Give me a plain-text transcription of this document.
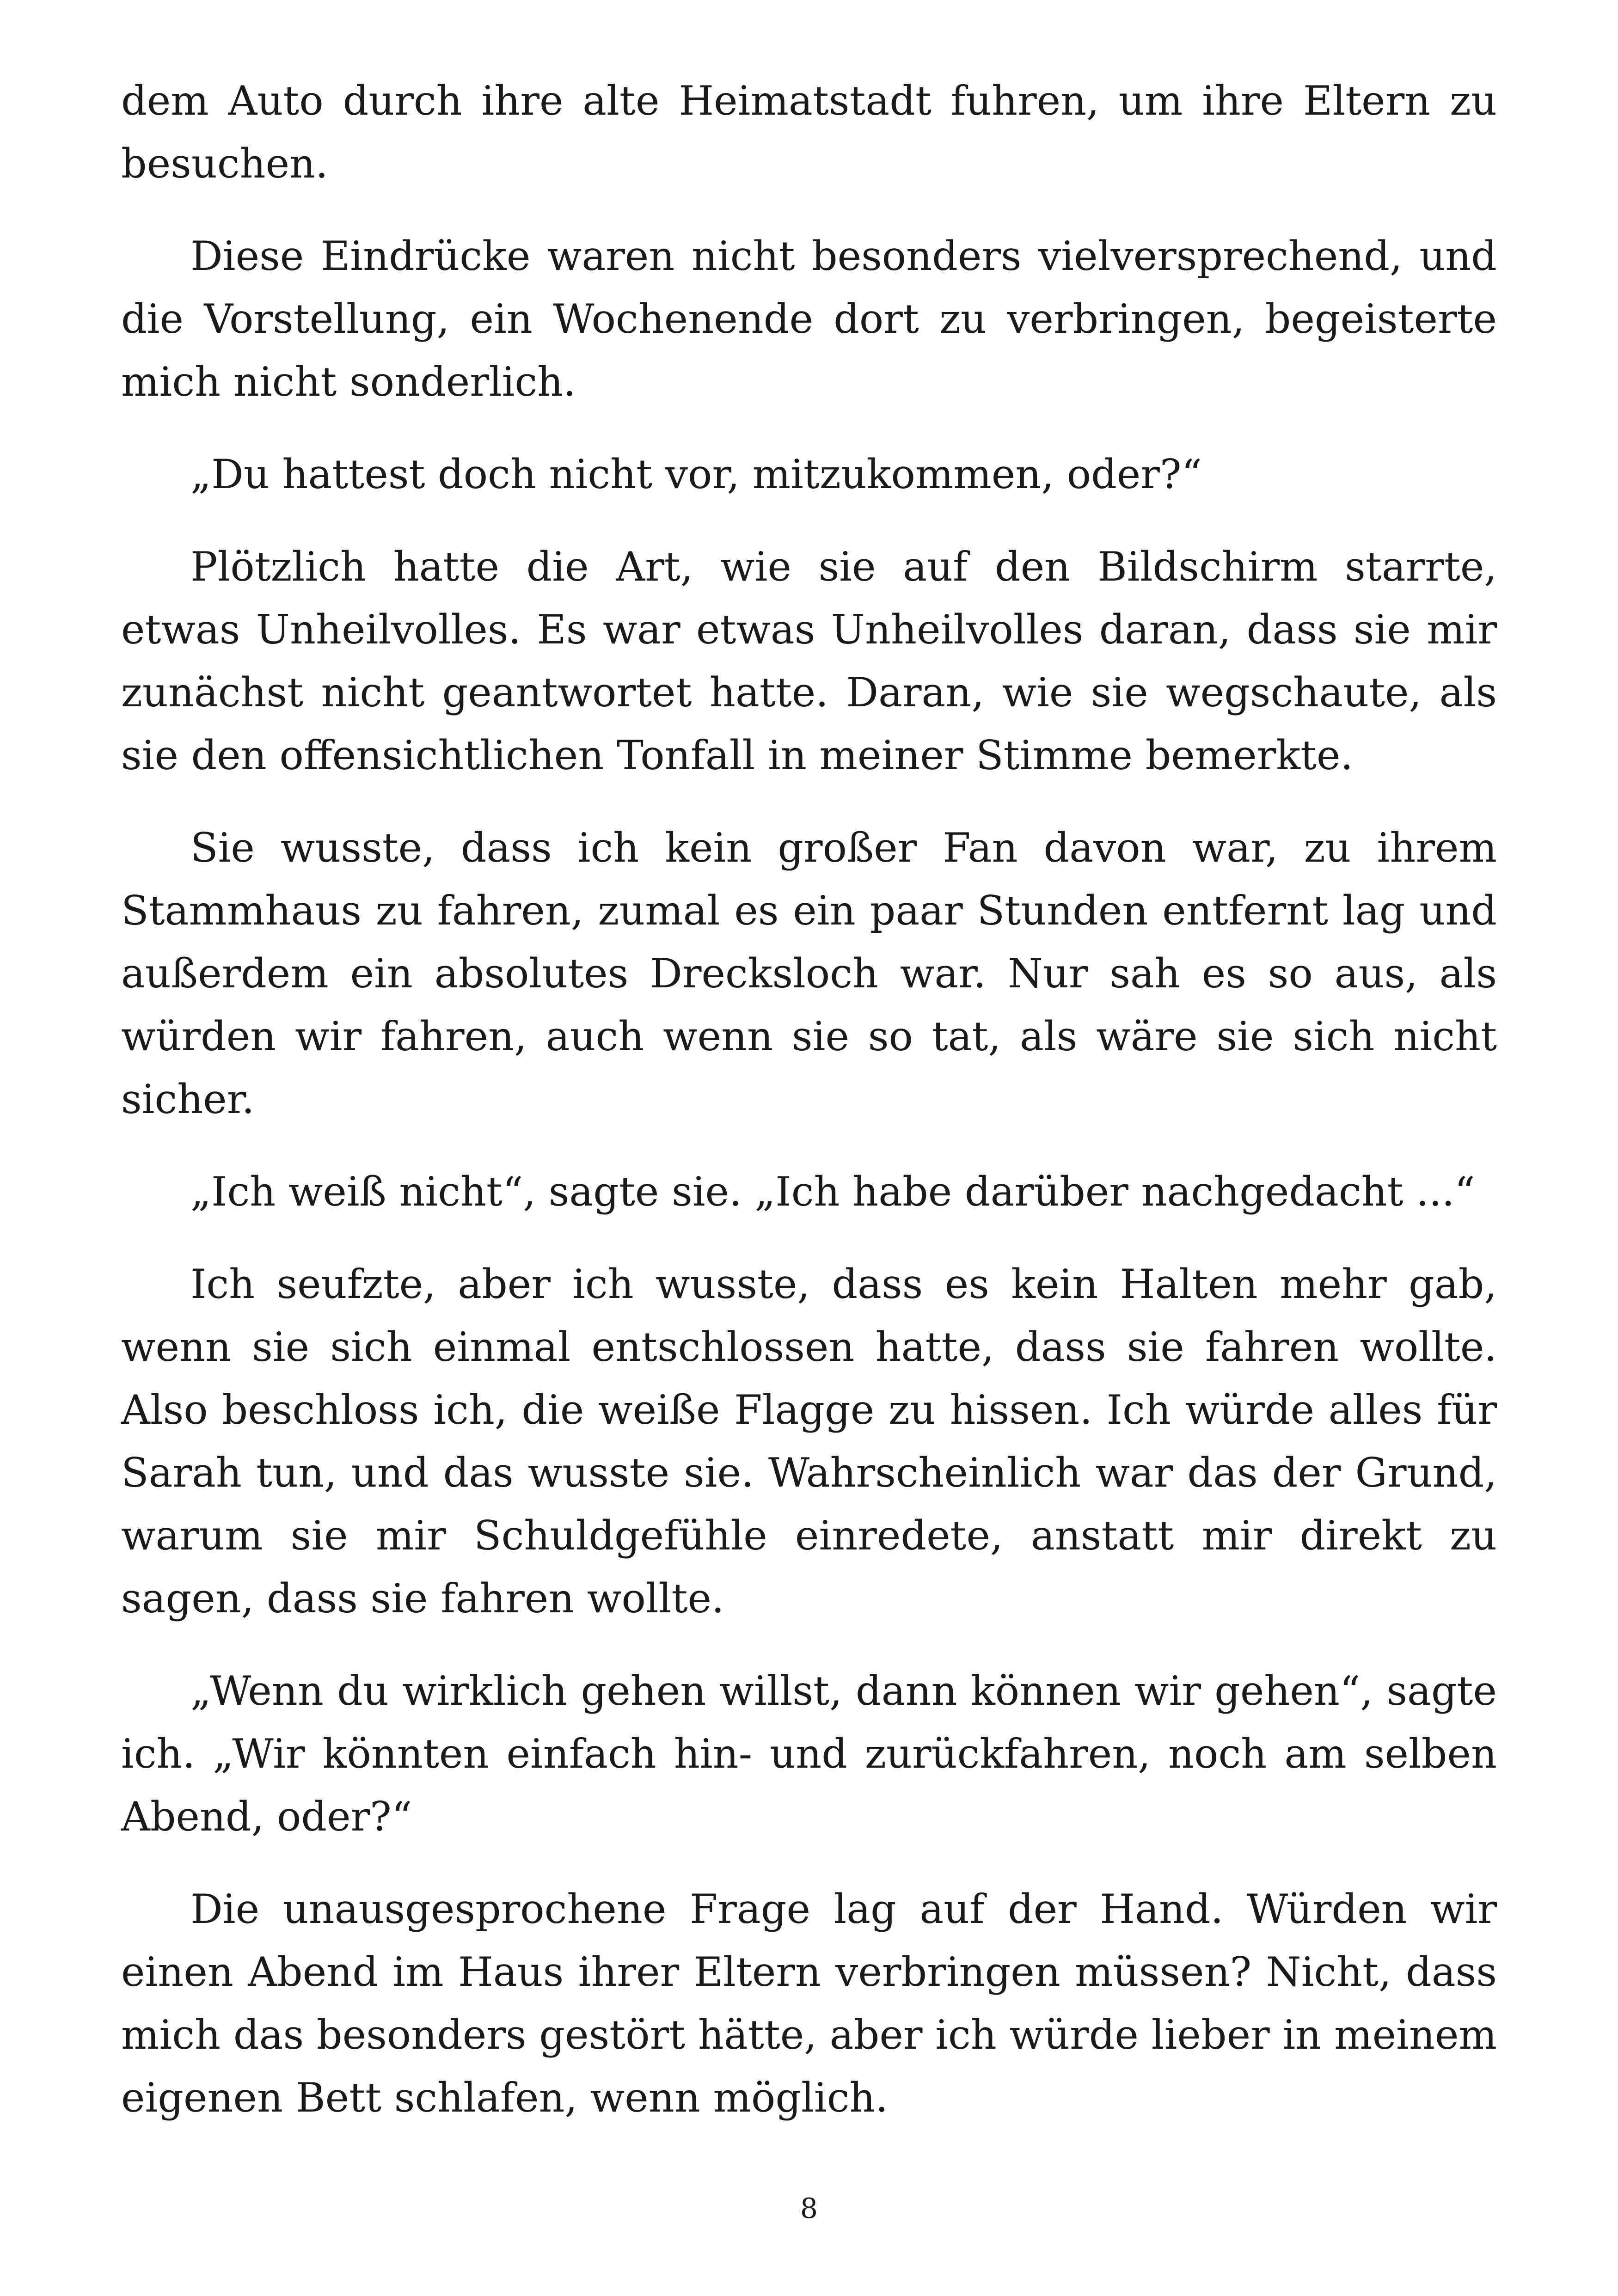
dem Auto durch ihre alte Heimatstadt fuhren, um ihre Eltern zu besuchen.

Diese Eindrücke waren nicht besonders vielversprechend, und die Vorstellung, ein Wochenende dort zu verbringen, begeisterte mich nicht sonderlich.

„Du hattest doch nicht vor, mitzukommen, oder?“

Plötzlich hatte die Art, wie sie auf den Bildschirm starrte, etwas Unheilvolles. Es war etwas Unheilvolles daran, dass sie mir zunächst nicht geantwortet hatte. Daran, wie sie wegschaute, als sie den offensichtlichen Tonfall in meiner Stimme bemerkte.

Sie wusste, dass ich kein großer Fan davon war, zu ihrem Stammhaus zu fahren, zumal es ein paar Stunden entfernt lag und außerdem ein absolutes Drecksloch war. Nur sah es so aus, als würden wir fahren, auch wenn sie so tat, als wäre sie sich nicht sicher.

„Ich weiß nicht“, sagte sie. „Ich habe darüber nachgedacht ...“

Ich seufzte, aber ich wusste, dass es kein Halten mehr gab, wenn sie sich einmal entschlossen hatte, dass sie fahren wollte. Also beschloss ich, die weiße Flagge zu hissen. Ich würde alles für Sarah tun, und das wusste sie. Wahrscheinlich war das der Grund, warum sie mir Schuldgefühle einredete, anstatt mir direkt zu sagen, dass sie fahren wollte.

„Wenn du wirklich gehen willst, dann können wir gehen“, sagte ich. „Wir könnten einfach hin- und zurückfahren, noch am selben Abend, oder?“

Die unausgesprochene Frage lag auf der Hand. Würden wir einen Abend im Haus ihrer Eltern verbringen müssen? Nicht, dass mich das besonders gestört hätte, aber ich würde lieber in meinem eigenen Bett schlafen, wenn möglich.

8
